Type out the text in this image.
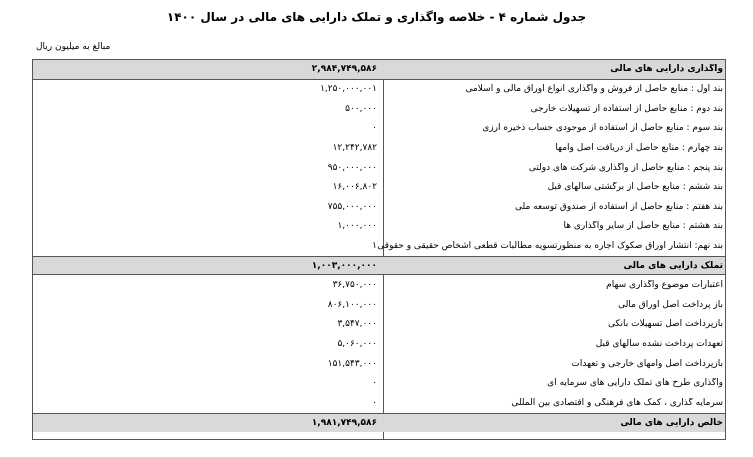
جدول شماره ۴ - خلاصه واگذاری و تملک دارایی های مالی در سال ۱۴۰۰
مبالغ به میلیون ریال
واگذاری دارایی های مالی
۲,۹۸۴,۷۴۹,۵۸۶
بند اول : منابع حاصل از فروش و واگذاری انواع اوراق مالی و اسلامی
۱,۲۵۰,۰۰۰,۰۰۱
بند دوم : منابع حاصل از استفاده از تسهیلات خارجی
۵۰۰,۰۰۰
بند سوم : منابع حاصل از استفاده از موجودی حساب ذخیره ارزی
۰
بند چهارم : منابع حاصل از دریافت اصل وامها
۱۲,۲۴۲,۷۸۲
بند پنجم : منابع حاصل از واگذاری شرکت های دولتی
۹۵۰,۰۰۰,۰۰۰
بند ششم : منابع حاصل از برگشتی سالهای قبل
۱۶,۰۰۶,۸۰۲
بند هفتم : منابع حاصل از استفاده از صندوق توسعه ملی
۷۵۵,۰۰۰,۰۰۰
بند هشتم : منابع حاصل از سایر واگذاری ها
۱,۰۰۰,۰۰۰
بند نهم: انتشار اوراق صکوک اجاره به منظورتسویه مطالبات قطعی اشخاص حقیقی و حقوقی
۱
تملک دارایی های مالی
۱,۰۰۳,۰۰۰,۰۰۰
اعتبارات موضوع واگذاری سهام
۳۶,۷۵۰,۰۰۰
باز پرداخت اصل اوراق مالی
۸۰۶,۱۰۰,۰۰۰
بازپرداخت اصل تسهیلات بانکی
۳,۵۴۷,۰۰۰
تعهدات پرداخت نشده سالهای قبل
۵,۰۶۰,۰۰۰
بازپرداخت اصل وامهای خارجی و تعهدات
۱۵۱,۵۴۳,۰۰۰
واگذاری طرح های تملک دارایی های سرمایه ای
۰
سرمایه گذاری ، کمک های فرهنگی و اقتصادی بین المللی
۰
خالص دارایی های مالی
۱,۹۸۱,۷۴۹,۵۸۶
